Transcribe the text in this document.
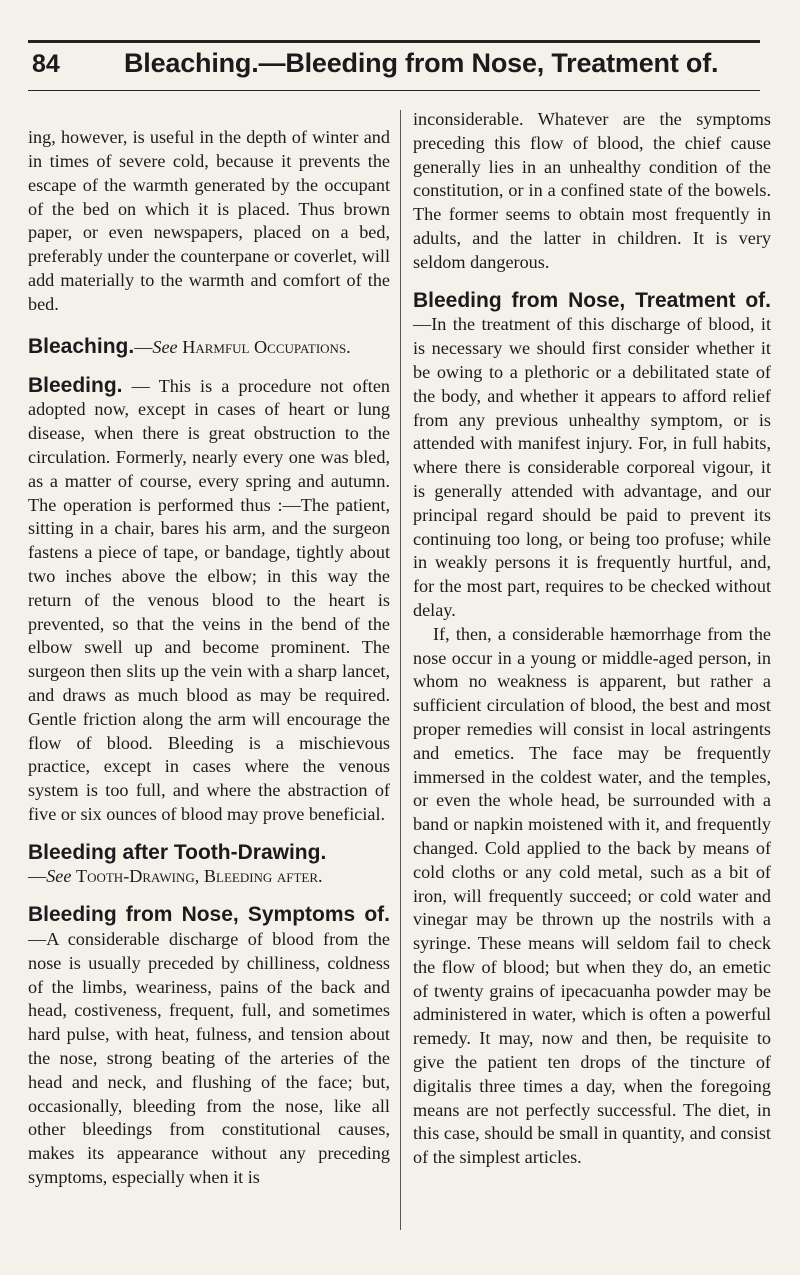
84 Bleaching.—Bleeding from Nose, Treatment of.

ing, however, is useful in the depth of winter and in times of severe cold, because it prevents the escape of the warmth generated by the occupant of the bed on which it is placed. Thus brown paper, or even newspapers, placed on a bed, preferably under the counterpane or coverlet, will add materially to the warmth and comfort of the bed.

Bleaching.—See Harmful Occupations.

Bleeding. — This is a procedure not often adopted now, except in cases of heart or lung disease, when there is great obstruction to the circulation. Formerly, nearly every one was bled, as a matter of course, every spring and autumn. The operation is performed thus :—The patient, sitting in a chair, bares his arm, and the surgeon fastens a piece of tape, or bandage, tightly about two inches above the elbow; in this way the return of the venous blood to the heart is prevented, so that the veins in the bend of the elbow swell up and become prominent. The surgeon then slits up the vein with a sharp lancet, and draws as much blood as may be required. Gentle friction along the arm will encourage the flow of blood. Bleeding is a mischievous practice, except in cases where the venous system is too full, and where the abstraction of five or six ounces of blood may prove beneficial.

Bleeding after Tooth-Drawing.
—See Tooth-Drawing, Bleeding after.

Bleeding from Nose, Symptoms of.—A considerable discharge of blood from the nose is usually preceded by chilliness, coldness of the limbs, weariness, pains of the back and head, costiveness, frequent, full, and sometimes hard pulse, with heat, fulness, and tension about the nose, strong beating of the arteries of the head and neck, and flushing of the face; but, occasionally, bleeding from the nose, like all other bleedings from constitutional causes, makes its appearance without any preceding symptoms, especially when it is

inconsiderable. Whatever are the symptoms preceding this flow of blood, the chief cause generally lies in an unhealthy condition of the constitution, or in a confined state of the bowels. The former seems to obtain most frequently in adults, and the latter in children. It is very seldom dangerous.

Bleeding from Nose, Treatment of.—In the treatment of this discharge of blood, it is necessary we should first consider whether it be owing to a plethoric or a debilitated state of the body, and whether it appears to afford relief from any previous unhealthy symptom, or is attended with manifest injury. For, in full habits, where there is considerable corporeal vigour, it is generally attended with advantage, and our principal regard should be paid to prevent its continuing too long, or being too profuse; while in weakly persons it is frequently hurtful, and, for the most part, requires to be checked without delay.

If, then, a considerable hæmorrhage from the nose occur in a young or middle-aged person, in whom no weakness is apparent, but rather a sufficient circulation of blood, the best and most proper remedies will consist in local astringents and emetics. The face may be frequently immersed in the coldest water, and the temples, or even the whole head, be surrounded with a band or napkin moistened with it, and frequently changed. Cold applied to the back by means of cold cloths or any cold metal, such as a bit of iron, will frequently succeed; or cold water and vinegar may be thrown up the nostrils with a syringe. These means will seldom fail to check the flow of blood; but when they do, an emetic of twenty grains of ipecacuanha powder may be administered in water, which is often a powerful remedy. It may, now and then, be requisite to give the patient ten drops of the tincture of digitalis three times a day, when the foregoing means are not perfectly successful. The diet, in this case, should be small in quantity, and consist of the simplest articles.
